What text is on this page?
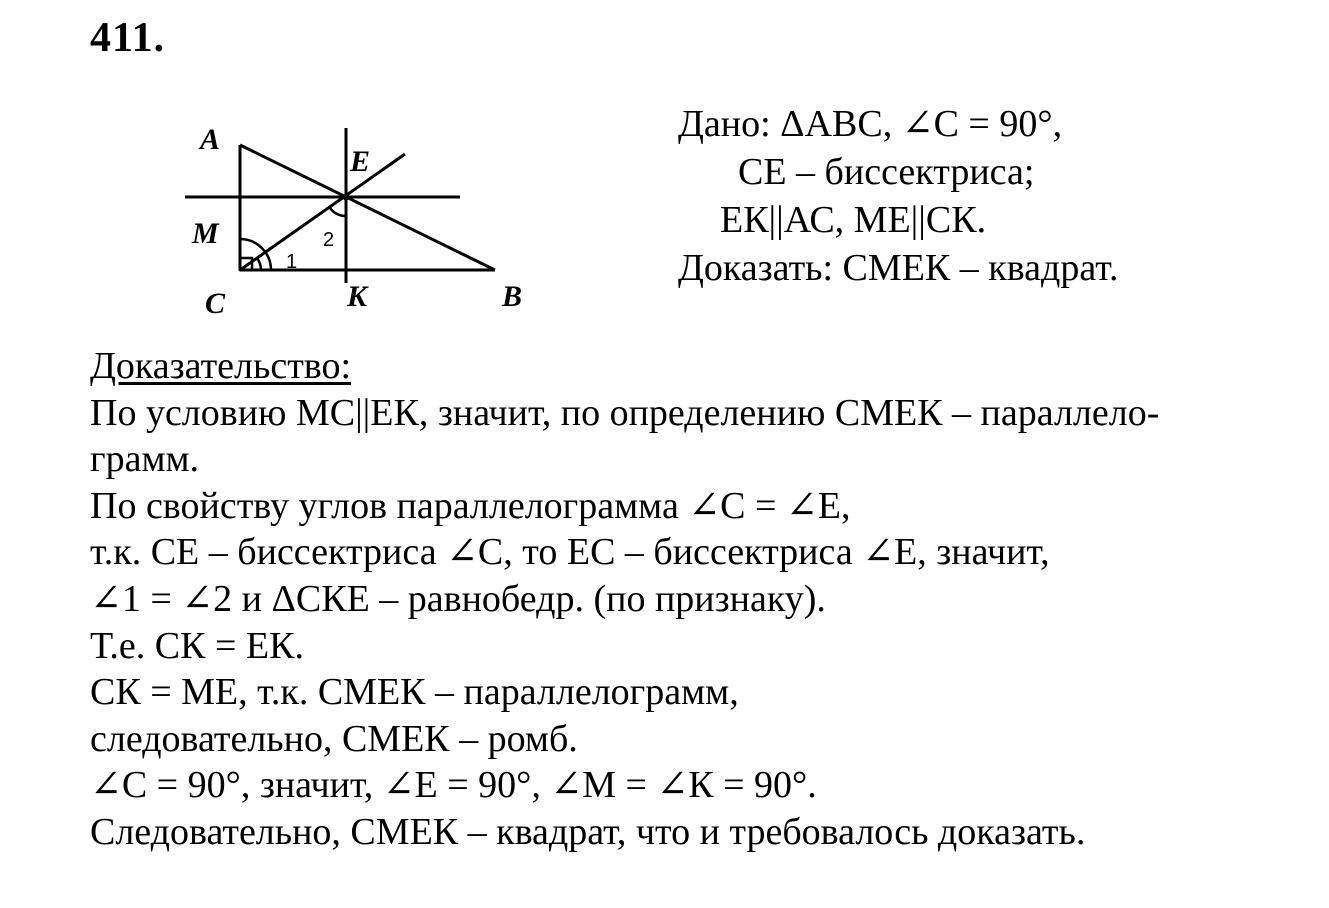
411.
A
E
M
C	K	B
1
2
Дано: ΔАВС, ∠С = 90°,
СЕ – биссектриса;
ЕК||АС, МЕ||СК.
Доказать: СМЕК – квадрат.
Доказательство:
По условию МС||ЕК, значит, по определению СМЕК – параллело-
грамм.
По свойству углов параллелограмма ∠С = ∠Е,
т.к. СЕ – биссектриса ∠С, то ЕС – биссектриса ∠Е, значит,
∠1 = ∠2 и ΔСКЕ – равнобедр. (по признаку).
Т.е. СК = ЕК.
СК = МЕ, т.к. СМЕК – параллелограмм,
следовательно, СМЕК – ромб.
∠С = 90°, значит, ∠Е = 90°, ∠М = ∠К = 90°.
Следовательно, СМЕК – квадрат, что и требовалось доказать.
